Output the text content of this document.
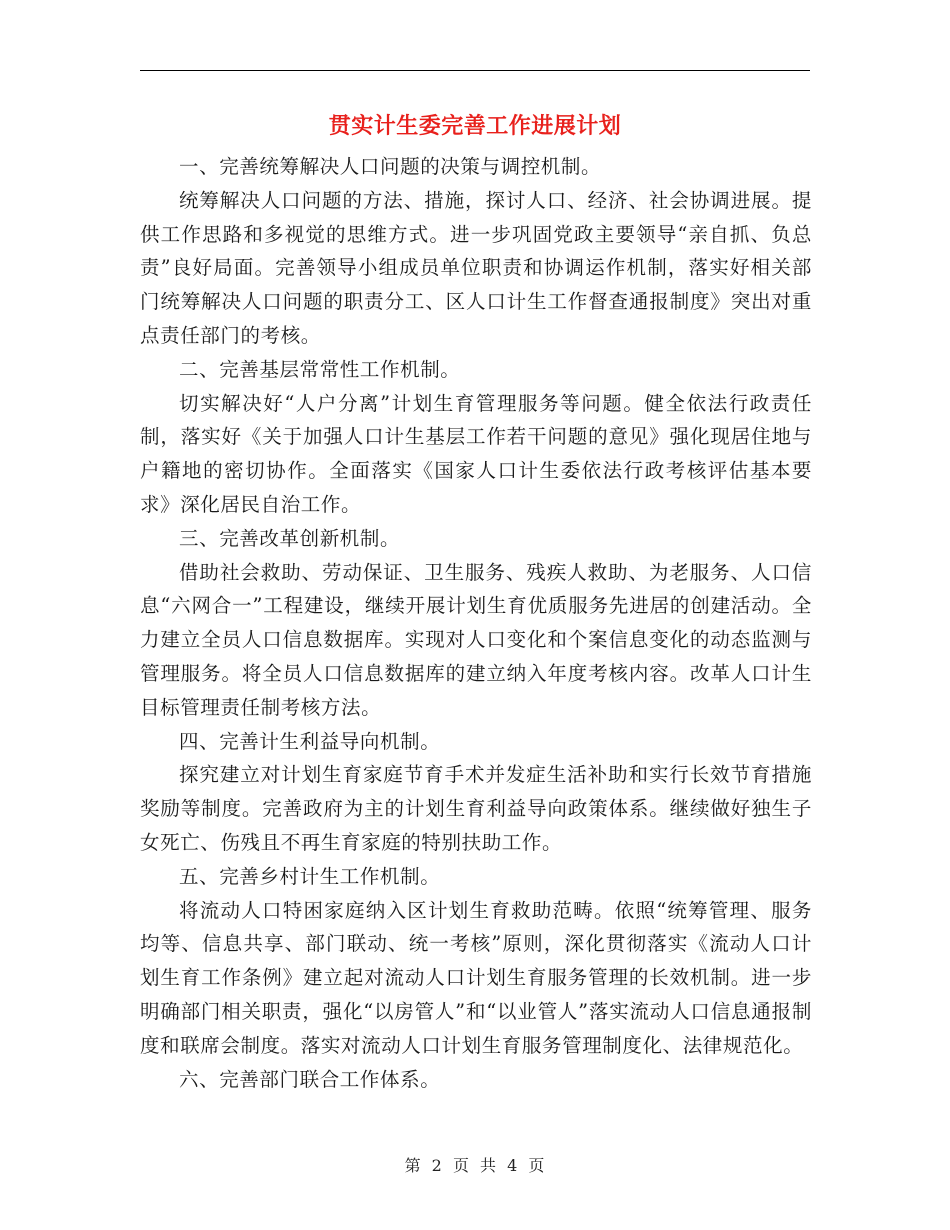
贯实计生委完善工作进展计划

一、完善统筹解决人口问题的决策与调控机制。

统筹解决人口问题的方法、措施，探讨人口、经济、社会协调进展。提供工作思路和多视觉的思维方式。进一步巩固党政主要领导“亲自抓、负总责”良好局面。完善领导小组成员单位职责和协调运作机制，落实好相关部门统筹解决人口问题的职责分工、区人口计生工作督查通报制度》突出对重点责任部门的考核。

二、完善基层常常性工作机制。

切实解决好“人户分离”计划生育管理服务等问题。健全依法行政责任制，落实好《关于加强人口计生基层工作若干问题的意见》强化现居住地与户籍地的密切协作。全面落实《国家人口计生委依法行政考核评估基本要求》深化居民自治工作。

三、完善改革创新机制。

借助社会救助、劳动保证、卫生服务、残疾人救助、为老服务、人口信息“六网合一”工程建设，继续开展计划生育优质服务先进居的创建活动。全力建立全员人口信息数据库。实现对人口变化和个案信息变化的动态监测与管理服务。将全员人口信息数据库的建立纳入年度考核内容。改革人口计生目标管理责任制考核方法。

四、完善计生利益导向机制。

探究建立对计划生育家庭节育手术并发症生活补助和实行长效节育措施奖励等制度。完善政府为主的计划生育利益导向政策体系。继续做好独生子女死亡、伤残且不再生育家庭的特别扶助工作。

五、完善乡村计生工作机制。

将流动人口特困家庭纳入区计划生育救助范畴。依照“统筹管理、服务均等、信息共享、部门联动、统一考核”原则，深化贯彻落实《流动人口计划生育工作条例》建立起对流动人口计划生育服务管理的长效机制。进一步明确部门相关职责，强化“以房管人”和“以业管人”落实流动人口信息通报制度和联席会制度。落实对流动人口计划生育服务管理制度化、法律规范化。

六、完善部门联合工作体系。

第 2 页 共 4 页
